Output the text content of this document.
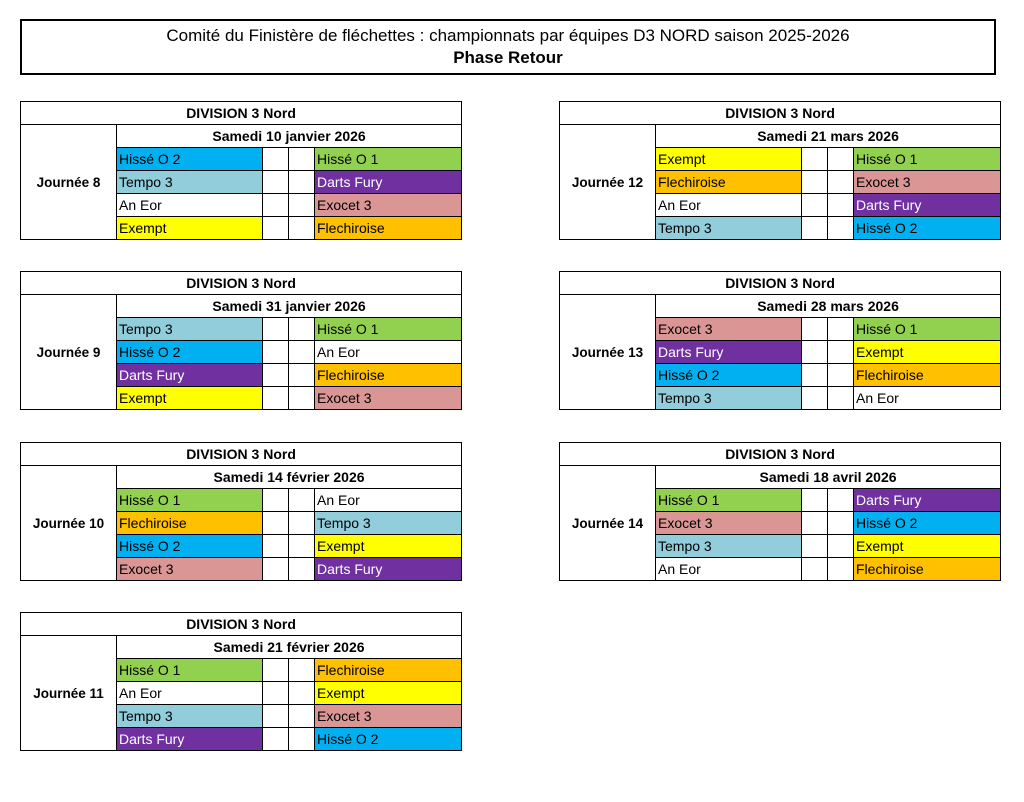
Comité du Finistère de fléchettes : championnats par équipes D3 NORD saison 2025-2026
Phase Retour
DIVISION 3 Nord				
Journée 8	Samedi 10 janvier 2026			
	Hissé O 2			Hissé O 1
	Tempo 3			Darts Fury
	An Eor			Exocet 3
	Exempt			Flechiroise
DIVISION 3 Nord				
Journée 12	Samedi 21 mars 2026			
	Exempt			Hissé O 1
	Flechiroise			Exocet 3
	An Eor			Darts Fury
	Tempo 3			Hissé O 2
DIVISION 3 Nord				
Journée 9	Samedi 31 janvier 2026			
	Tempo 3			Hissé O 1
	Hissé O 2			An Eor
	Darts Fury			Flechiroise
	Exempt			Exocet 3
DIVISION 3 Nord				
Journée 13	Samedi 28 mars 2026			
	Exocet 3			Hissé O 1
	Darts Fury			Exempt
	Hissé O 2			Flechiroise
	Tempo 3			An Eor
DIVISION 3 Nord				
Journée 10	Samedi 14 février 2026			
	Hissé O 1			An Eor
	Flechiroise			Tempo 3
	Hissé O 2			Exempt
	Exocet 3			Darts Fury
DIVISION 3 Nord				
Journée 14	Samedi 18 avril 2026			
	Hissé O 1			Darts Fury
	Exocet 3			Hissé O 2
	Tempo 3			Exempt
	An Eor			Flechiroise
DIVISION 3 Nord				
Journée 11	Samedi 21 février 2026			
	Hissé O 1			Flechiroise
	An Eor			Exempt
	Tempo 3			Exocet 3
	Darts Fury			Hissé O 2
